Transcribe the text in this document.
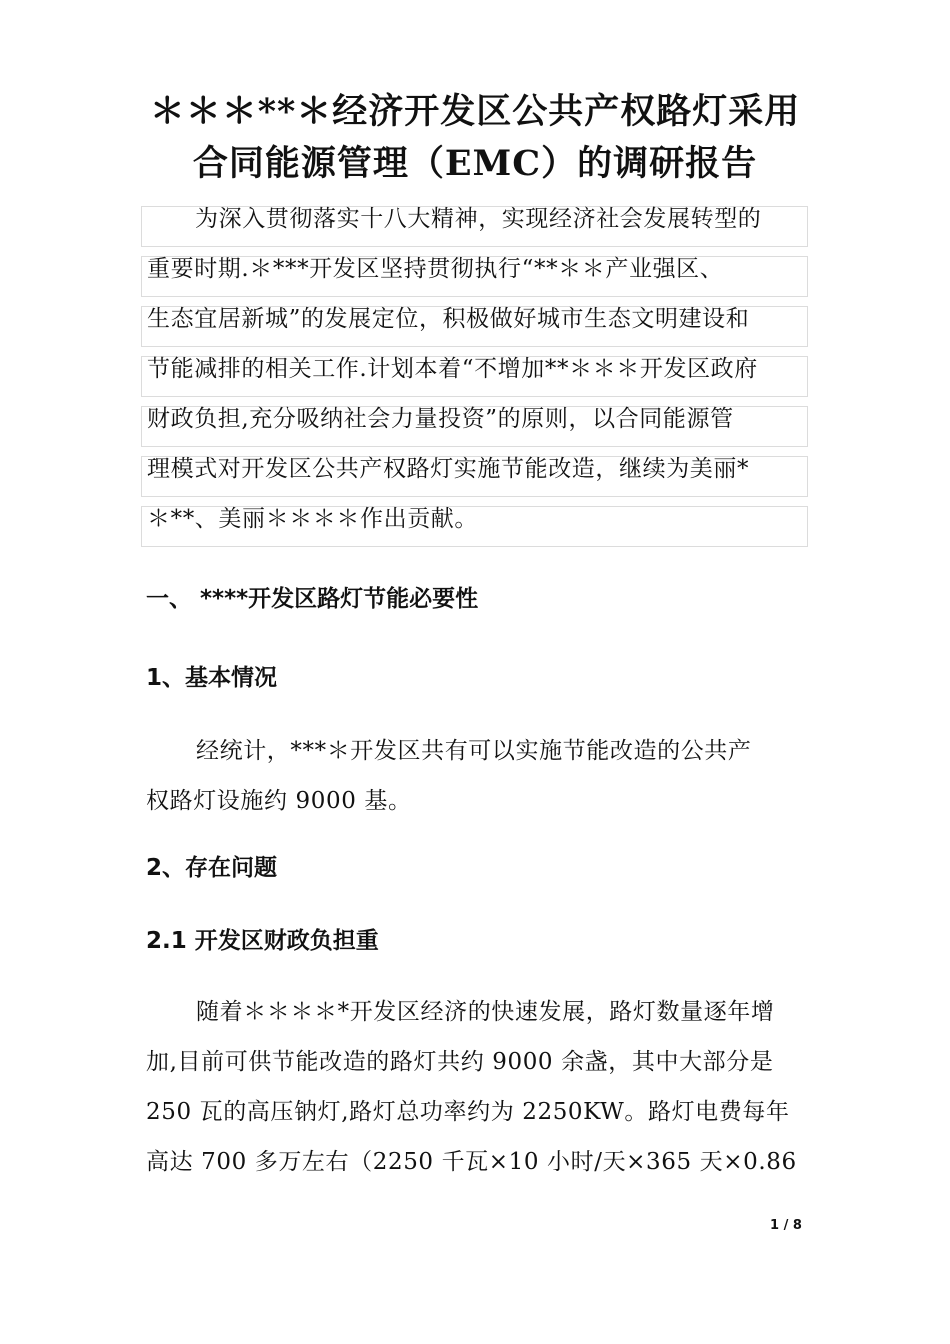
＊＊＊**＊经济开发区公共产权路灯采用
合同能源管理（EMC）的调研报告
为深入贯彻落实十八大精神，实现经济社会发展转型的
重要时期.＊***开发区坚持贯彻执行“**＊＊产业强区、
生态宜居新城”的发展定位，积极做好城市生态文明建设和
节能减排的相关工作.计划本着“不增加**＊＊＊开发区政府
财政负担,充分吸纳社会力量投资”的原则，以合同能源管
理模式对开发区公共产权路灯实施节能改造，继续为美丽*
＊**、美丽＊＊＊＊作出贡献。
一、 ****开发区路灯节能必要性
1、基本情况
经统计，***＊开发区共有可以实施节能改造的公共产
权路灯设施约 9000 基。
2、存在问题
2.1 开发区财政负担重
随着＊＊＊＊*开发区经济的快速发展，路灯数量逐年增
加,目前可供节能改造的路灯共约 9000 余盏，其中大部分是
250 瓦的高压钠灯,路灯总功率约为 2250KW。路灯电费每年
高达 700 多万左右（2250 千瓦×10 小时/天×365 天×0.86
1 / 8
